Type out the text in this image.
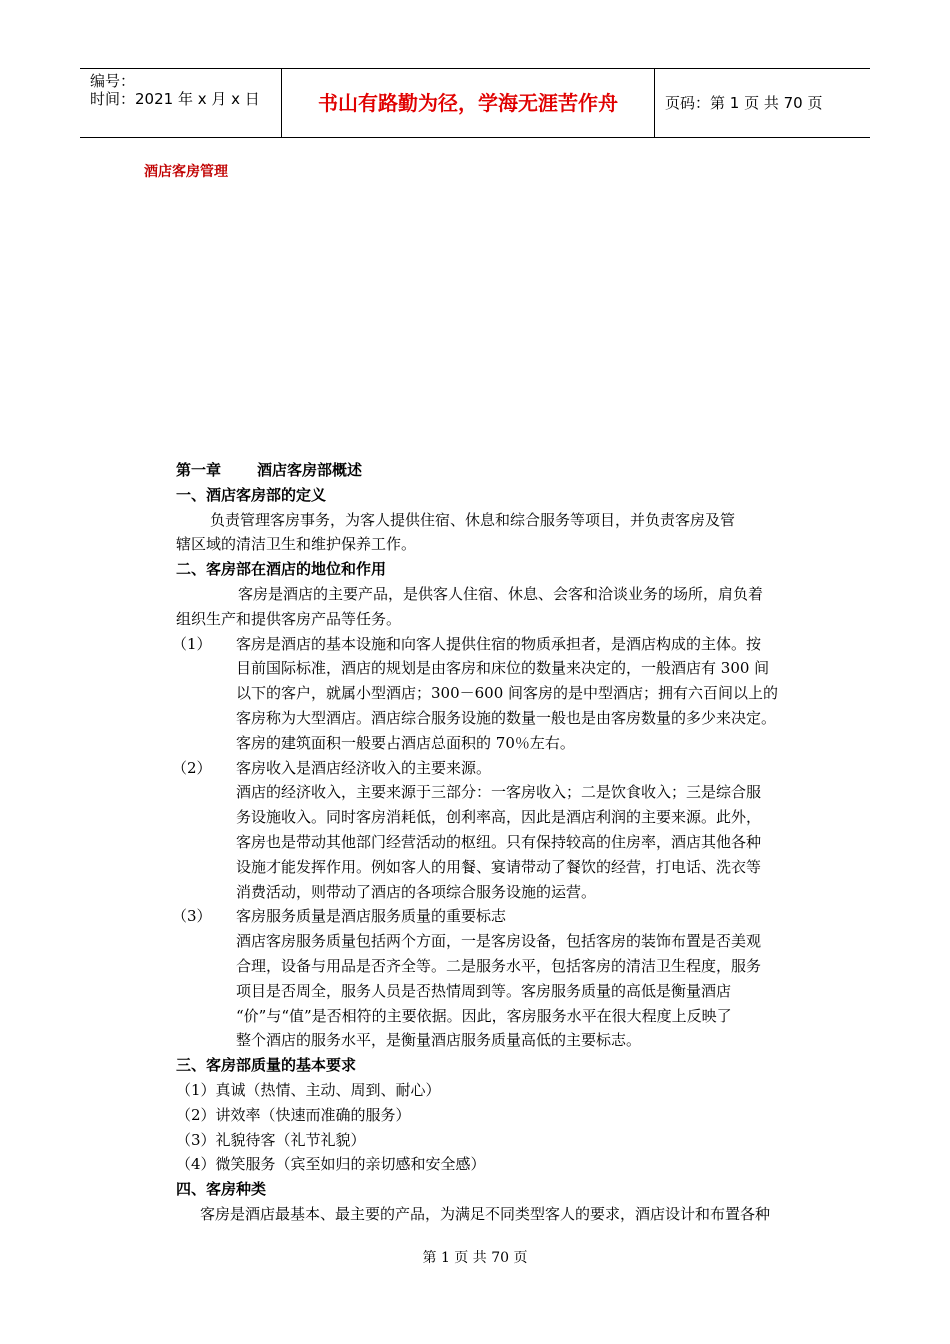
编号：
时间：2021 年 x 月 x 日	书山有路勤为径，学海无涯苦作舟	页码：第 1 页 共 70 页
酒店客房管理
第一章 酒店客房部概述
一、酒店客房部的定义
负责管理客房事务，为客人提供住宿、休息和综合服务等项目，并负责客房及管
辖区域的清洁卫生和维护保养工作。
二、客房部在酒店的地位和作用
客房是酒店的主要产品，是供客人住宿、休息、会客和洽谈业务的场所，肩负着
组织生产和提供客房产品等任务。
（1） 客房是酒店的基本设施和向客人提供住宿的物质承担者，是酒店构成的主体。按
目前国际标准，酒店的规划是由客房和床位的数量来决定的，一般酒店有 300 间
以下的客户，就属小型酒店；300－600 间客房的是中型酒店；拥有六百间以上的
客房称为大型酒店。酒店综合服务设施的数量一般也是由客房数量的多少来决定。
客房的建筑面积一般要占酒店总面积的 70％左右。
（2） 客房收入是酒店经济收入的主要来源。
酒店的经济收入，主要来源于三部分：一客房收入；二是饮食收入；三是综合服
务设施收入。同时客房消耗低，创利率高，因此是酒店利润的主要来源。此外，
客房也是带动其他部门经营活动的枢纽。只有保持较高的住房率，酒店其他各种
设施才能发挥作用。例如客人的用餐、宴请带动了餐饮的经营，打电话、洗衣等
消费活动，则带动了酒店的各项综合服务设施的运营。
（3） 客房服务质量是酒店服务质量的重要标志
酒店客房服务质量包括两个方面，一是客房设备，包括客房的装饰布置是否美观
合理，设备与用品是否齐全等。二是服务水平，包括客房的清洁卫生程度，服务
项目是否周全，服务人员是否热情周到等。客房服务质量的高低是衡量酒店
“价”与“值”是否相符的主要依据。因此，客房服务水平在很大程度上反映了
整个酒店的服务水平，是衡量酒店服务质量高低的主要标志。
三、客房部质量的基本要求
（1）真诚（热情、主动、周到、耐心）
（2）讲效率（快速而准确的服务）
（3）礼貌待客（礼节礼貌）
（4）微笑服务（宾至如归的亲切感和安全感）
四、客房种类
客房是酒店最基本、最主要的产品，为满足不同类型客人的要求，酒店设计和布置各种
第 1 页 共 70 页
